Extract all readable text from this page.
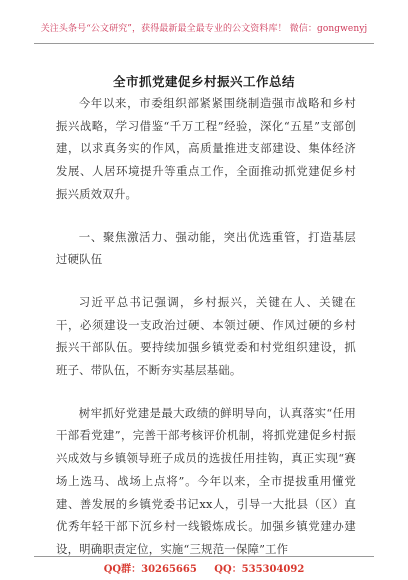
关注头条号“公文研究”，获得最新最全最专业的公文资料库！ 微信：gongwenyj
全市抓党建促乡村振兴工作总结

今年以来，市委组织部紧紧围绕制造强市战略和乡村振兴战略，学习借鉴“千万工程”经验，深化“五星”支部创建，以求真务实的作风，高质量推进支部建设、集体经济发展、人居环境提升等重点工作，全面推动抓党建促乡村振兴质效双升。

一、聚焦激活力、强动能，突出优选重管，打造基层过硬队伍

习近平总书记强调，乡村振兴，关键在人、关键在干，必须建设一支政治过硬、本领过硬、作风过硬的乡村振兴干部队伍。要持续加强乡镇党委和村党组织建设，抓班子、带队伍，不断夯实基层基础。

树牢抓好党建是最大政绩的鲜明导向，认真落实“任用干部看党建”，完善干部考核评价机制，将抓党建促乡村振兴成效与乡镇领导班子成员的选拔任用挂钩，真正实现“赛场上选马、战场上点将”。今年以来，全市提拔重用懂党建、善发展的乡镇党委书记xx人，引导一大批县（区）直优秀年轻干部下沉乡村一线锻炼成长。加强乡镇党建办建设，明确职责定位，实施“三规范一保障”工作

QQ群：30265665 QQ：535304092
